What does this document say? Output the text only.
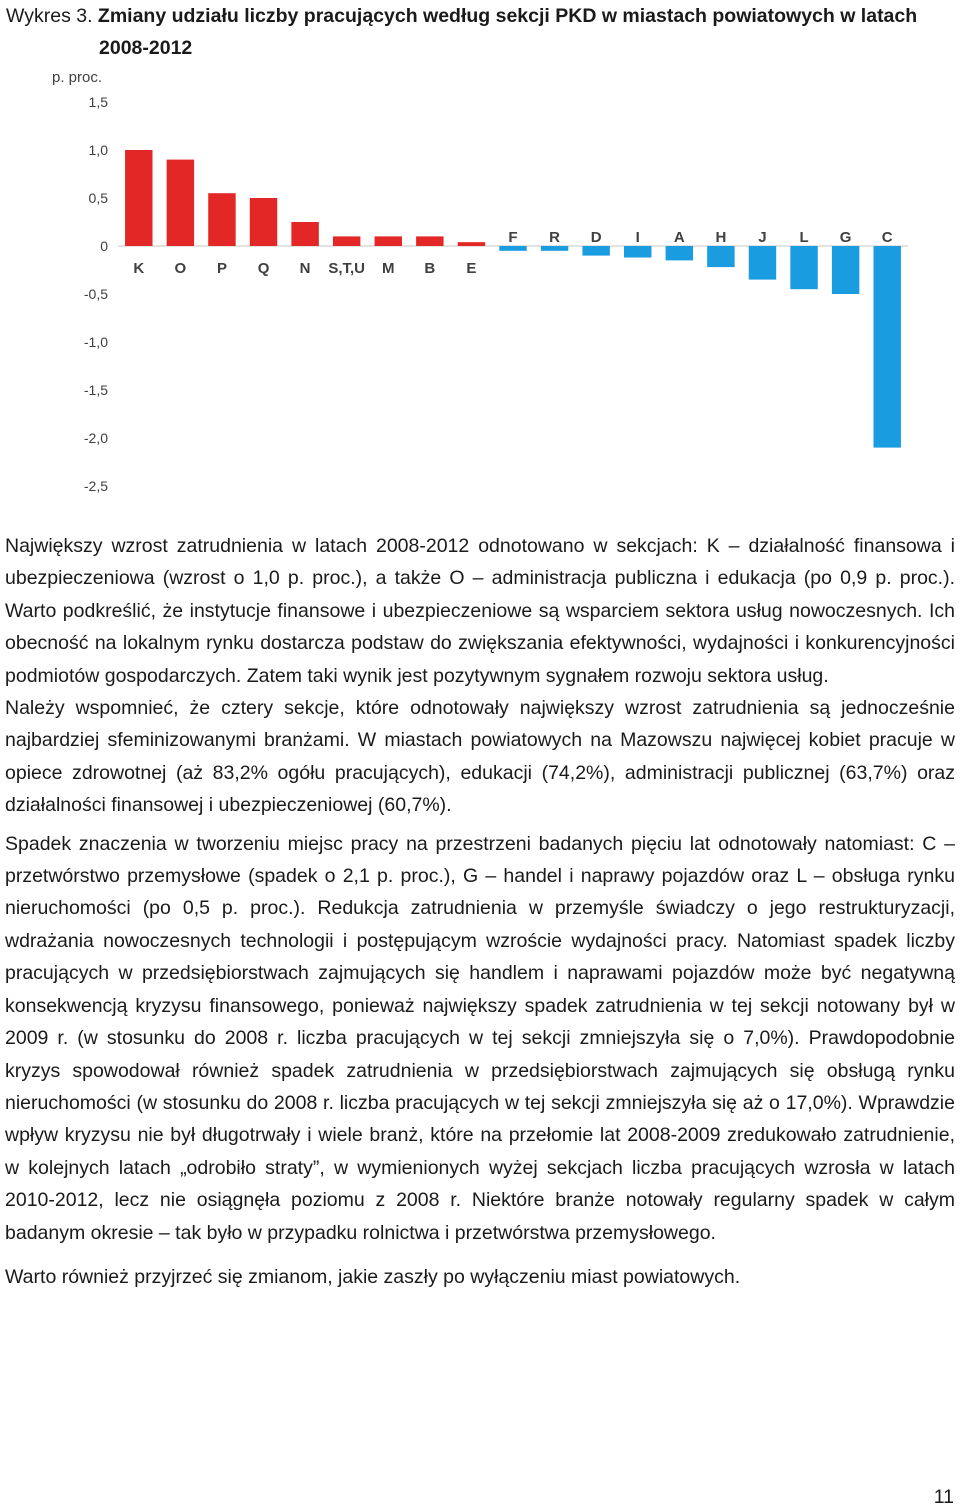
Wykres 3. Zmiany udziału liczby pracujących według sekcji PKD w miastach powiatowych w latach
2008-2012
p. proc.
1,5
1,0
0,5
0
-0,5
-1,0
-1,5
-2,0
-2,5
K O P Q N S,T,U M B E
F R D I A H J L G C

Największy wzrost zatrudnienia w latach 2008-2012 odnotowano w sekcjach: K – działalność finansowa i ubezpieczeniowa (wzrost o 1,0 p. proc.), a także O – administracja publiczna i edukacja (po 0,9 p. proc.). Warto podkreślić, że instytucje finansowe i ubezpieczeniowe są wsparciem sektora usług nowoczesnych. Ich obecność na lokalnym rynku dostarcza podstaw do zwiększania efektywności, wydajności i konkurencyjności podmiotów gospodarczych. Zatem taki wynik jest pozytywnym sygnałem rozwoju sektora usług.

Należy wspomnieć, że cztery sekcje, które odnotowały największy wzrost zatrudnienia są jednocześnie najbardziej sfeminizowanymi branżami. W miastach powiatowych na Mazowszu najwięcej kobiet pracuje w opiece zdrowotnej (aż 83,2% ogółu pracujących), edukacji (74,2%), administracji publicznej (63,7%) oraz działalności finansowej i ubezpieczeniowej (60,7%).

Spadek znaczenia w tworzeniu miejsc pracy na przestrzeni badanych pięciu lat odnotowały natomiast: C – przetwórstwo przemysłowe (spadek o 2,1 p. proc.), G – handel i naprawy pojazdów oraz L – obsługa rynku nieruchomości (po 0,5 p. proc.). Redukcja zatrudnienia w przemyśle świadczy o jego restrukturyzacji, wdrażania nowoczesnych technologii i postępującym wzroście wydajności pracy. Natomiast spadek liczby pracujących w przedsiębiorstwach zajmujących się handlem i naprawami pojazdów może być negatywną konsekwencją kryzysu finansowego, ponieważ największy spadek zatrudnienia w tej sekcji notowany był w 2009 r. (w stosunku do 2008 r. liczba pracujących w tej sekcji zmniejszyła się o 7,0%). Prawdopodobnie kryzys spowodował również spadek zatrudnienia w przedsiębiorstwach zajmujących się obsługą rynku nieruchomości (w stosunku do 2008 r. liczba pracujących w tej sekcji zmniejszyła się aż o 17,0%). Wprawdzie wpływ kryzysu nie był długotrwały i wiele branż, które na przełomie lat 2008-2009 zredukowało zatrudnienie, w kolejnych latach „odrobiło straty”, w wymienionych wyżej sekcjach liczba pracujących wzrosła w latach 2010-2012, lecz nie osiągnęła poziomu z 2008 r. Niektóre branże notowały regularny spadek w całym badanym okresie – tak było w przypadku rolnictwa i przetwórstwa przemysłowego.

Warto również przyjrzeć się zmianom, jakie zaszły po wyłączeniu miast powiatowych.

11
